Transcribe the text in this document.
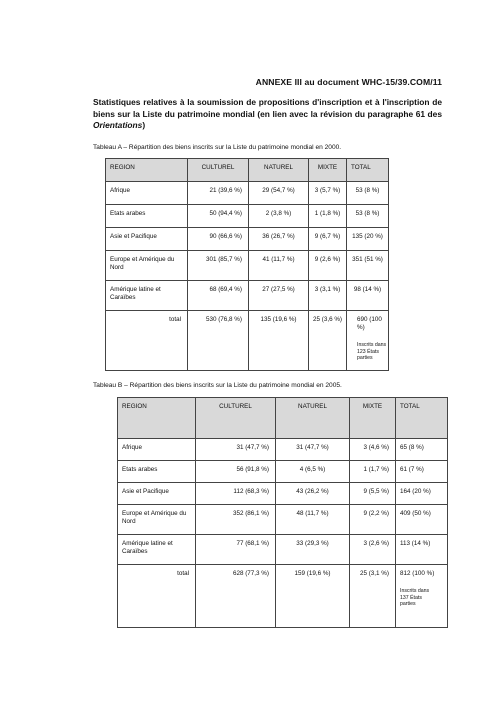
ANNEXE III au document WHC-15/39.COM/11
Statistiques relatives à la soumission de propositions d'inscription et à l'inscription de biens sur la Liste du patrimoine mondial (en lien avec la révision du paragraphe 61 des Orientations)
Tableau A – Répartition des biens inscrits sur la Liste du patrimoine mondial en 2000.
REGION	CULTUREL	NATUREL	MIXTE	TOTAL
Afrique	21 (39,6 %)	29 (54,7 %)	3 (5,7 %)	53 (8 %)
Etats arabes	50 (94,4 %)	2 (3,8 %)	1 (1,8 %)	53 (8 %)
Asie et Pacifique	90 (66,6 %)	36 (26,7 %)	9 (6,7 %)	135 (20 %)
Europe et Amérique du Nord	301 (85,7 %)	41 (11,7 %)	9 (2,6 %)	351 (51 %)
Amérique latine et Caraïbes	68 (69,4 %)	27 (27,5 %)	3 (3,1 %)	98 (14 %)
total	530 (76,8 %)	135 (19,6 %)	25 (3,6 %)	690 (100 %)
Inscrits dans 123 États parties
Tableau B – Répartition des biens inscrits sur la Liste du patrimoine mondial en 2005.
REGION	CULTUREL	NATUREL	MIXTE	TOTAL
Afrique	31 (47,7 %)	31 (47,7 %)	3 (4,6 %)	65 (8 %)
Etats arabes	56 (91,8 %)	4 (6,5 %)	1 (1,7 %)	61 (7 %)
Asie et Pacifique	112 (68,3 %)	43 (26,2 %)	9 (5,5 %)	164 (20 %)
Europe et Amérique du Nord	352 (86,1 %)	48 (11,7 %)	9 (2,2 %)	409 (50 %)
Amérique latine et Caraïbes	77 (68,1 %)	33 (29,3 %)	3 (2,6 %)	113 (14 %)
total	628 (77,3 %)	159 (19,6 %)	25 (3,1 %)	812 (100 %)
Inscrits dans 137 États parties
